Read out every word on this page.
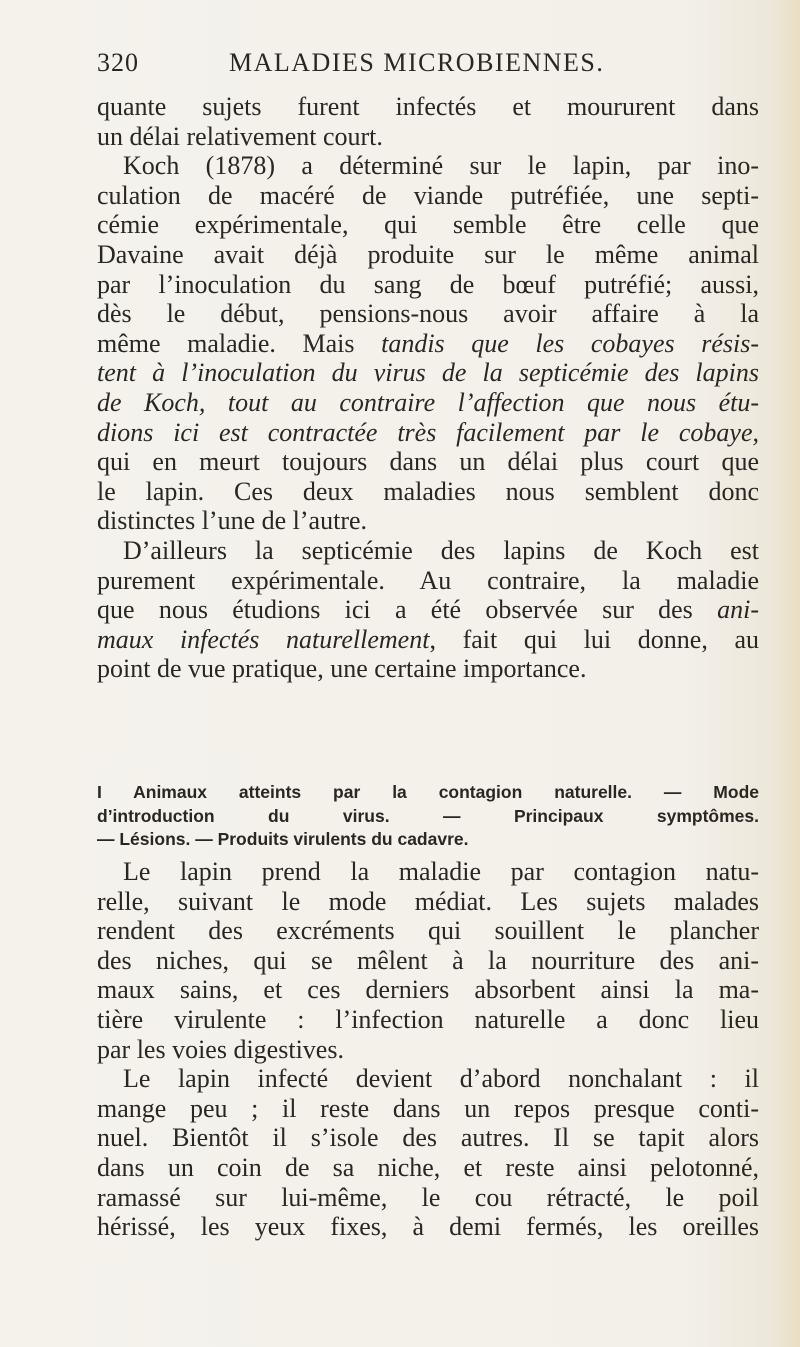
320	MALADIES MICROBIENNES.

quante sujets furent infectés et moururent dans
un délai relativement court.

Koch (1878) a déterminé sur le lapin, par ino-
culation de macéré de viande putréfiée, une septi-
cémie expérimentale, qui semble être celle que
Davaine avait déjà produite sur le même animal
par l’inoculation du sang de bœuf putréfié; aussi,
dès le début, pensions-nous avoir affaire à la
même maladie. Mais tandis que les cobayes résis-
tent à l’inoculation du virus de la septicémie des lapins
de Koch, tout au contraire l’affection que nous étu-
dions ici est contractée très facilement par le cobaye,
qui en meurt toujours dans un délai plus court que
le lapin. Ces deux maladies nous semblent donc
distinctes l’une de l’autre.

D’ailleurs la septicémie des lapins de Koch est
purement expérimentale. Au contraire, la maladie
que nous étudions ici a été observée sur des ani-
maux infectés naturellement, fait qui lui donne, au
point de vue pratique, une certaine importance.

I Animaux atteints par la contagion naturelle. — Mode
d’introduction du virus. — Principaux symptômes.
— Lésions. — Produits virulents du cadavre.
Le lapin prend la maladie par contagion natu-
relle, suivant le mode médiat. Les sujets malades
rendent des excréments qui souillent le plancher
des niches, qui se mêlent à la nourriture des ani-
maux sains, et ces derniers absorbent ainsi la ma-
tière virulente : l’infection naturelle a donc lieu
par les voies digestives.
Le lapin infecté devient d’abord nonchalant : il
mange peu ; il reste dans un repos presque conti-
nuel. Bientôt il s’isole des autres. Il se tapit alors
dans un coin de sa niche, et reste ainsi pelotonné,
ramassé sur lui-même, le cou rétracté, le poil
hérissé, les yeux fixes, à demi fermés, les oreilles
